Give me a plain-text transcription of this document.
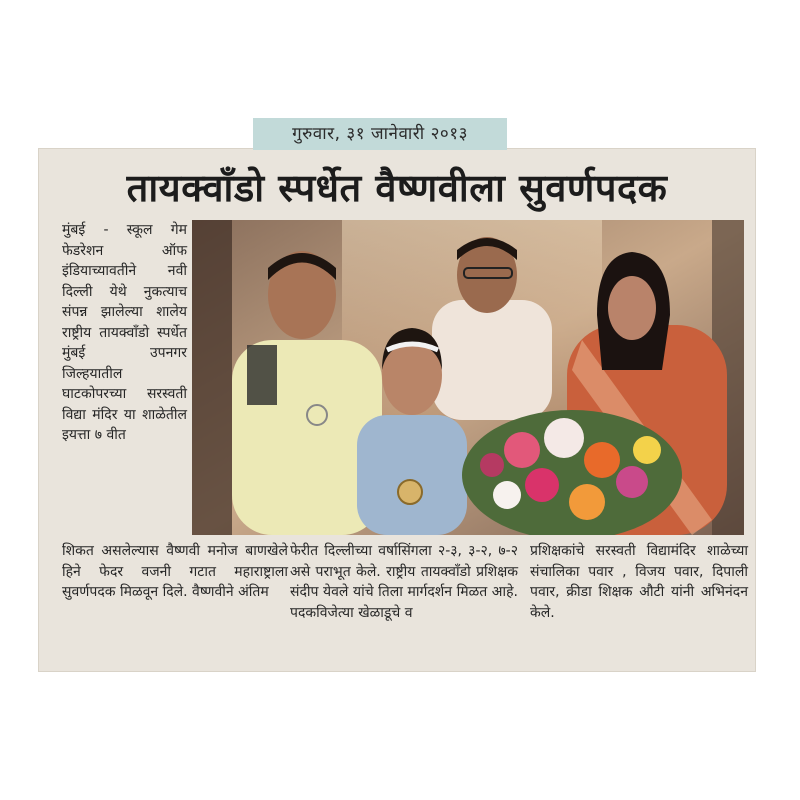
गुरुवार, ३१ जानेवारी २०१३
तायक्वाँडो स्पर्धेत वैष्णवीला सुवर्णपदक

मुंबई - स्कूल गेम फेडरेशन ऑफ इंडियाच्यावतीने नवी दिल्ली येथे नुकत्याच संपन्न झालेल्या शालेय राष्ट्रीय तायक्वाँडो स्पर्धेत मुंबई उपनगर जिल्हयातील घाटकोपरच्या सरस्वती विद्या मंदिर या शाळेतील इयत्ता ७ वीत

शिकत असलेल्यास वैष्णवी मनोज बाणखेले हिने फेदर वजनी गटात महाराष्ट्राला सुवर्णपदक मिळवून दिले. वैष्णवीने अंतिम

फेरीत दिल्लीच्या वर्षासिंगला २-३, ३-२, ७-२ असे पराभूत केले. राष्ट्रीय तायक्वाँडो प्रशिक्षक संदीप येवले यांचे तिला मार्गदर्शन मिळत आहे. पदकविजेत्या खेळाडूचे व

प्रशिक्षकांचे सरस्वती विद्यामंदिर शाळेच्या संचालिका पवार , विजय पवार, दिपाली पवार, क्रीडा शिक्षक औटी यांनी अभिनंदन केले.
